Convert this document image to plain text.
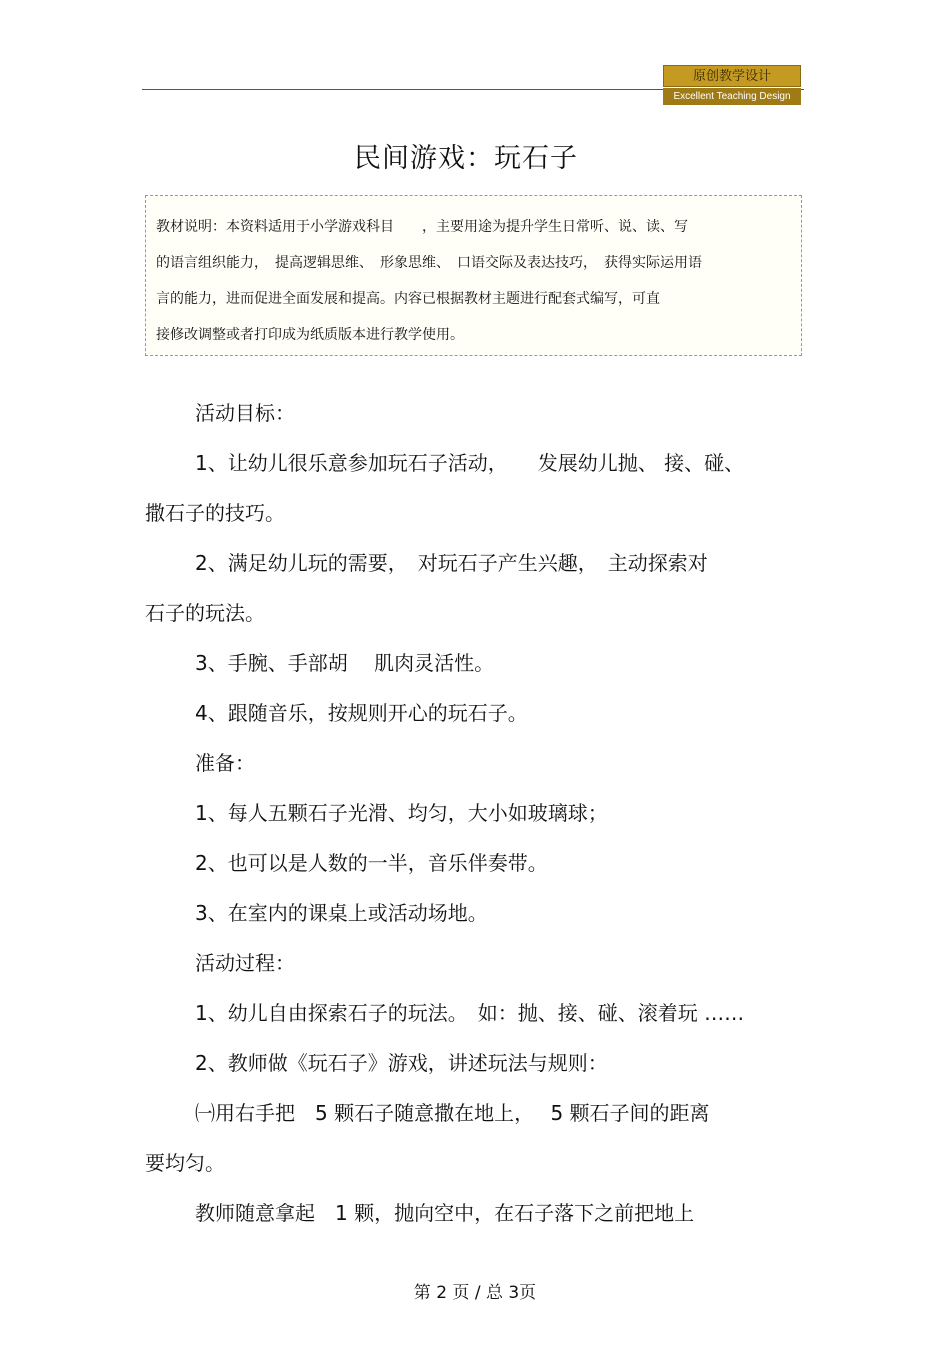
原创教学设计
Excellent Teaching Design
民间游戏：玩石子

教材说明：本资料适用于小学游戏科目　　，主要用途为提升学生日常听、说、读、写

的语言组织能力，　提高逻辑思维、　形象思维、　口语交际及表达技巧，　获得实际运用语

言的能力，进而促进全面发展和提高。内容已根据教材主题进行配套式编写，可直

接修改调整或者打印成为纸质版本进行教学使用。

活动目标：

1、让幼儿很乐意参加玩石子活动，　　发展幼儿抛、 接、碰、

撒石子的技巧。

2、满足幼儿玩的需要，　对玩石子产生兴趣，　主动探索对

石子的玩法。

3、手腕、手部胡　 肌肉灵活性。

4、跟随音乐，按规则开心的玩石子。

准备：

1、每人五颗石子光滑、均匀，大小如玻璃球；

2、也可以是人数的一半，音乐伴奏带。

3、在室内的课桌上或活动场地。

活动过程：

1、幼儿自由探索石子的玩法。　如：抛、接、碰、滚着玩 ……

2、教师做《玩石子》游戏，讲述玩法与规则：

㈠用右手把　5 颗石子随意撒在地上，　 5 颗石子间的距离

要均匀。

教师随意拿起　1 颗，抛向空中，在石子落下之前把地上

第 2 页 / 总 3页
